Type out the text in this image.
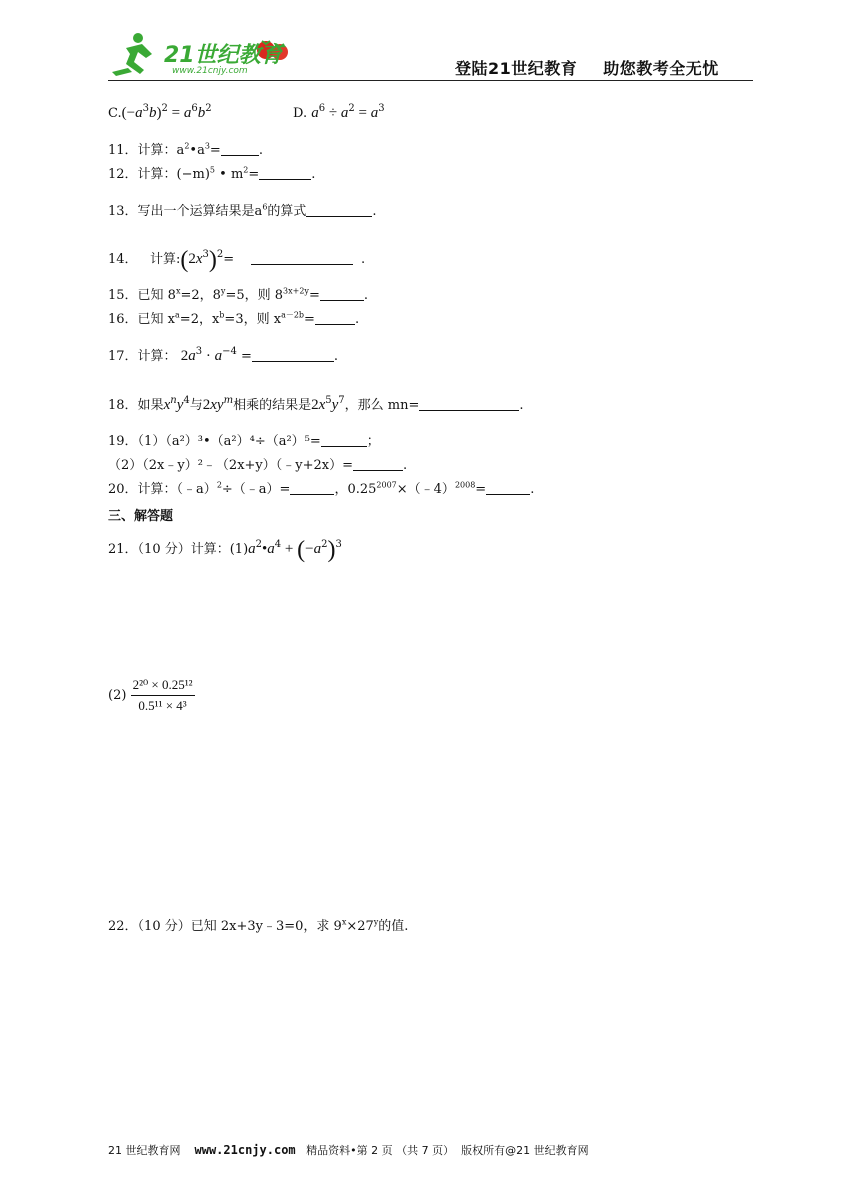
21世纪教育
www.21cnjy.com	登陆21世纪教育 助您教考全无忧
$C.(-a^3b)^2 = a^6b^2$	D. $a^6 \div a^2 = a^3$
11．计算：$a^2•a^3=$	.
12．计算：$(-m)^5$ • $m^2=$	.
13．写出一个运算结果是$a^6$的算式	.
14． 计算$:(2x^3)^2=$	.
15．已知 $8^x=2$，$8^y=5$，则 $8^{3x+2y}=$	.
16．已知 $x^a=2$，$x^b=3$，则 $x^{a-2b}=$	.
17．计算： $2a^3 \cdot a^{-4}$ =	.
18．如果$x^ny^4$与$2xy^m$相乘的结果是$2x^5y^7$，那么 mn=	.
19．（1）（a²）³•（a²）⁴÷（a²）⁵=	；
（2）（2x﹣y）²﹣（2x+y）（﹣y+2x）=	.
20．计算：（﹣a）$^2$÷（﹣a）=	，$0.25^{2007}\times(﹣4)^{2008}=$	.
三、解答题
21．（10 分）计算：$(1)a^2•a^4 + (-a^2)^3$
$(2) \frac{\text{2²⁰ × 0.25¹²}}{\text{0.5¹¹ × 4³}}$
22．（10 分）已知 2x+3y﹣3=0，求 $9^x\times 27^y$的值.
21 世纪教育网 www.21cnjy.com 精品资料•第 2 页 （共 7 页） 版权所有@21 世纪教育网
